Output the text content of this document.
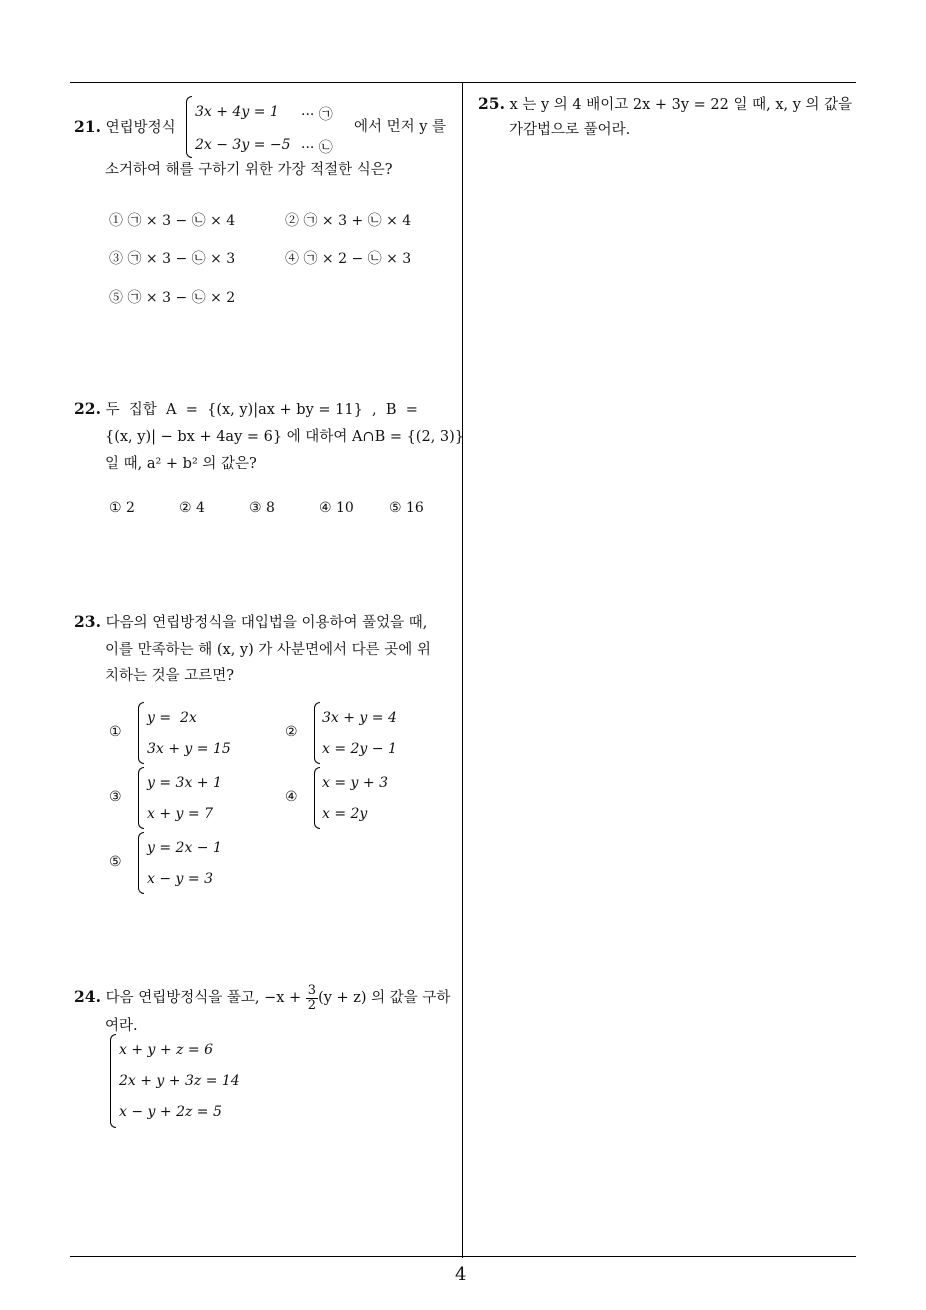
21. 연립방정식
3x + 4y = 1 ··· ㉠
2x − 3y = −5 ··· ㉡
에서 먼저 y 를
소거하여 해를 구하기 위한 가장 적절한 식은?
① ㉠ × 3 − ㉡ × 4	② ㉠ × 3 + ㉡ × 4
③ ㉠ × 3 − ㉡ × 3	④ ㉠ × 2 − ㉡ × 3
⑤ ㉠ × 3 − ㉡ × 2
22. 두  집합  A  =  {(x, y)|ax + by = 11}  ,  B  =
{(x, y)| − bx + 4ay = 6} 에 대하여 A∩B = {(2, 3)}
일 때, a² + b² 의 값은?
① 2	② 4	③ 8	④ 10	⑤ 16
23. 다음의 연립방정식을 대입법을 이용하여 풀었을 때,
이를 만족하는 해 (x, y) 가 사분면에서 다른 곳에 위
치하는 것을 고르면?
①
y =  2x
3x + y = 15
②
3x + y = 4
x = 2y − 1
③
y = 3x + 1
x + y = 7
④
x = y + 3
x = 2y
⑤
y = 2x − 1
x − y = 3
24. 다음 연립방정식을 풀고, $-x + \frac{3}{2} (y + z)$ 의 값을 구하
여라.
x + y + z = 6
2x + y + 3z = 14
x − y + 2z = 5
25. x 는 y 의 4 배이고 2x + 3y = 22 일 때, x, y 의 값을
가감법으로 풀어라.
4
